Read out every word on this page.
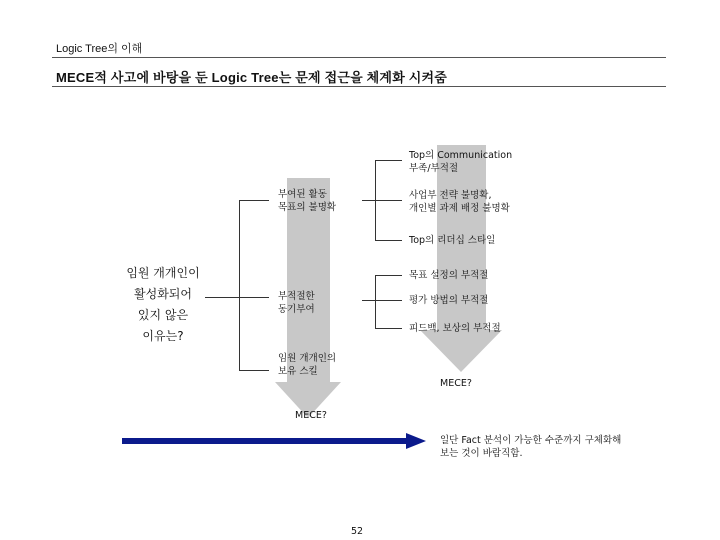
Logic Tree의 이해
MECE적 사고에 바탕을 둔 Logic Tree는 문제 접근을 체계화 시켜줌
임원 개개인이
활성화되어
있지 않은
이유는?
부여된 활동
목표의 불명확
부적절한
동기부여
임원 개개인의
보유 스킬
Top의 Communication
부족/부적절
사업부 전략 불명확,
개인별 과제 배정 불명확
Top의 리더십 스타일
목표 설정의 부적절
평가 방법의 부적절
피드백, 보상의 부적절
MECE?
MECE?
일단 Fact 분석이 가능한 수준까지 구체화해
보는 것이 바람직함.
52
